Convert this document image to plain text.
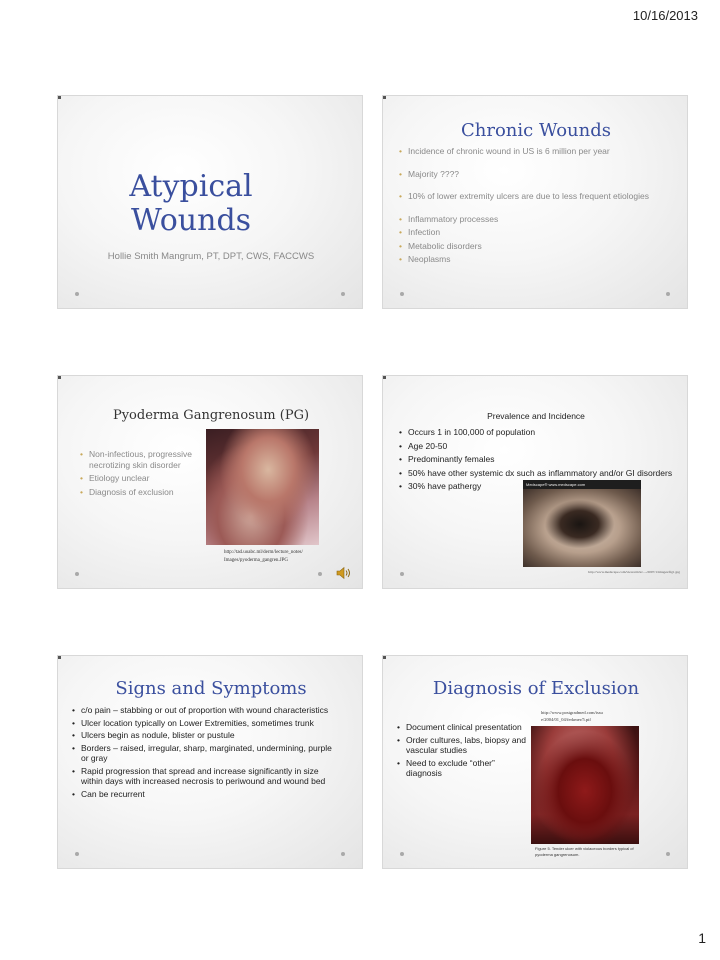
10/16/2013
Atypical
Wounds
Hollie Smith Mangrum, PT, DPT, CWS, FACCWS
Chronic Wounds
• Incidence of chronic wound in US is 6 million per year
• Majority ????
• 10% of lower extremity ulcers are due to less frequent etiologies
• Inflammatory processes
• Infection
• Metabolic disorders
• Neoplasms
Pyoderma Gangrenosum (PG)
• Non-infectious, progressive necrotizing skin disorder
• Etiology unclear
• Diagnosis of exclusion
http://tad.uoabc.ml/derm/lecture_notes/
Images/pyoderma_gangren.JPG
Prevalence and Incidence
• Occurs 1 in 100,000 of population
• Age 20-50
• Predominantly females
• 50% have other systemic dx such as inflammatory and/or GI disorders
• 30% have pathergy	Medscape® www.medscape.com
http://www.medscape.com/viewarticle/..../2007/1/images/fig1.jpg
Signs and Symptoms
• c/o pain – stabbing or out of proportion with wound characteristics
• Ulcer location typically on Lower Extremities, sometimes trunk
• Ulcers begin as nodule, blister or pustule
• Borders – raised, irregular, sharp, marginated, undermining, purple or gray
• Rapid progression that spread and increase significantly in size within days with increased necrosis to periwound and wound bed
• Can be recurrent
Diagnosis of Exclusion
http://www.postgradmed.com/issu
e/2004/01_04/ferkmer/5.pif
• Document clinical presentation
• Order cultures, labs, biopsy and vascular studies
• Need to exclude “other” diagnosis
Figure 5. Tender ulcer with violaceous borders typical of pyoderma gangrenosum.
1
